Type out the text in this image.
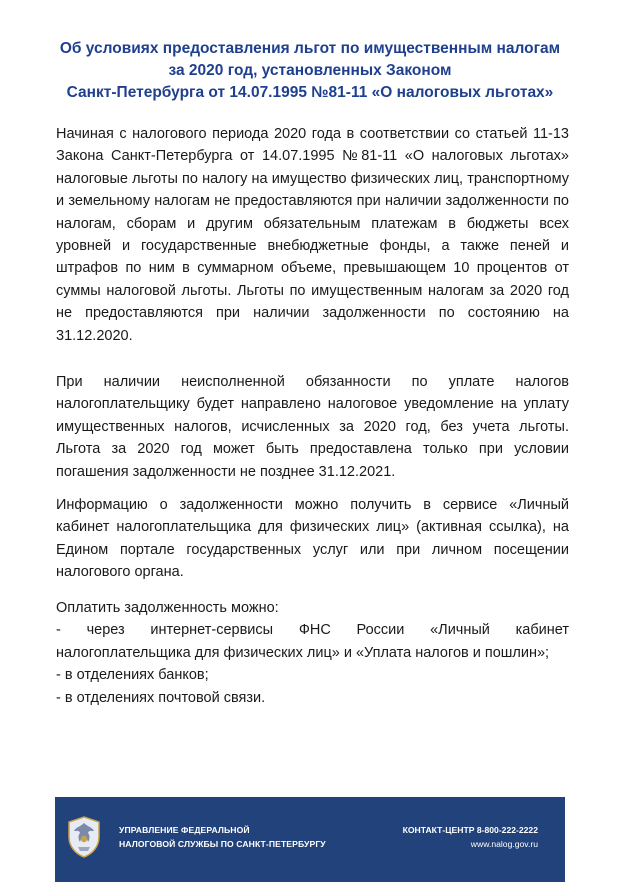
Об условиях предоставления льгот по имущественным налогам
за 2020 год, установленных Законом
Санкт-Петербурга от 14.07.1995 №81-11 «О налоговых льготах»

Начиная с налогового периода 2020 года в соответствии со статьей 11-13 Закона Санкт-Петербурга от 14.07.1995 №81-11 «О налоговых льготах» налоговые льготы по налогу на имущество физических лиц, транспортному и земельному налогам не предоставляются при наличии задолженности по налогам, сборам и другим обязательным платежам в бюджеты всех уровней и государственные внебюджетные фонды, а также пеней и штрафов по ним в суммарном объеме, превышающем 10 процентов от суммы налоговой льготы. Льготы по имущественным налогам за 2020 год не предоставляются при наличии задолженности по состоянию на 31.12.2020.

При наличии неисполненной обязанности по уплате налогов налогоплательщику будет направлено налоговое уведомление на уплату имущественных налогов, исчисленных за 2020 год, без учета льготы. Льгота за 2020 год может быть предоставлена только при условии погашения задолженности не позднее 31.12.2021.

Информацию о задолженности можно получить в сервисе «Личный кабинет налогоплательщика для физических лиц» (активная ссылка), на Едином портале государственных услуг или при личном посещении налогового органа.

Оплатить задолженность можно:
- через интернет-сервисы ФНС России «Личный кабинет налогоплательщика для физических лиц» и «Уплата налогов и пошлин»;
- в отделениях банков;
- в отделениях почтовой связи.
УПРАВЛЕНИЕ ФЕДЕРАЛЬНОЙ
НАЛОГОВОЙ СЛУЖБЫ ПО САНКТ-ПЕТЕРБУРГУ
КОНТАКТ-ЦЕНТР 8-800-222-2222
www.nalog.gov.ru
